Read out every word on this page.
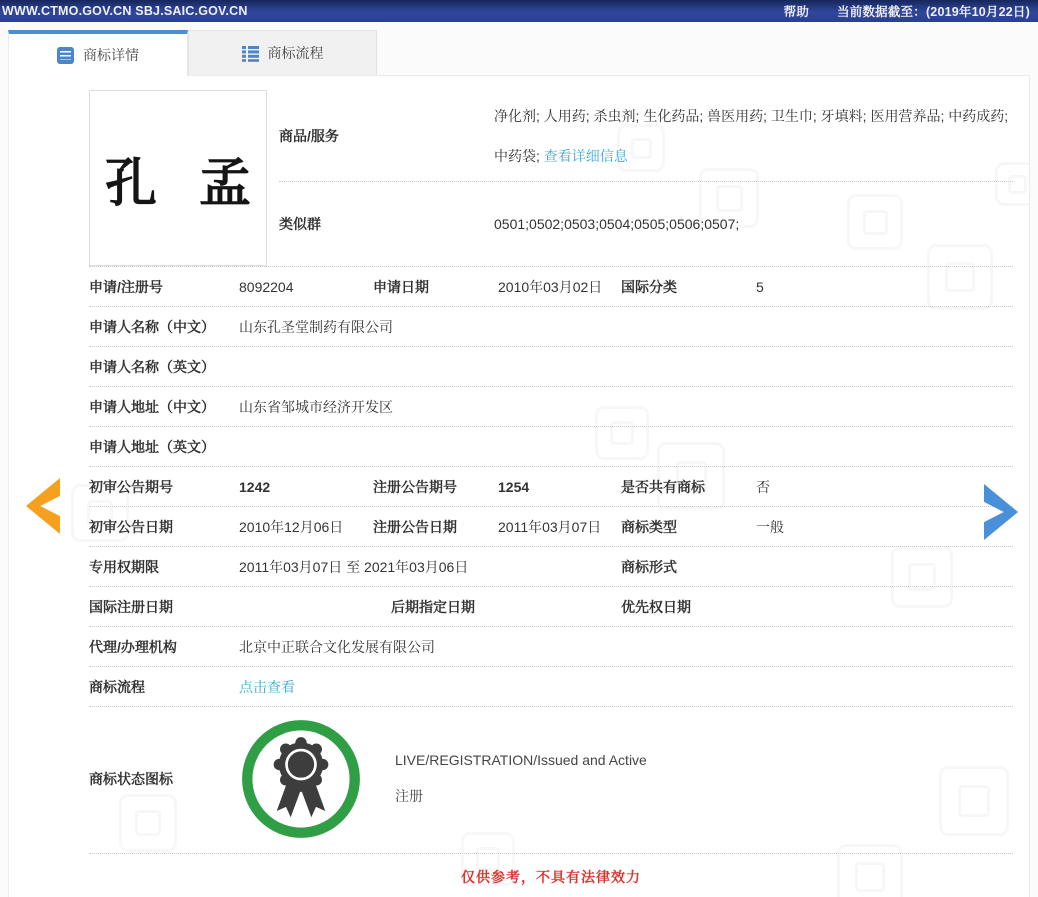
WWW.CTMO.GOV.CN SBJ.SAIC.GOV.CN	帮助 当前数据截至：(2019年10月22日)
商标详情	商标流程
孔 孟
商品/服务
净化剂; 人用药; 杀虫剂; 生化药品; 兽医用药; 卫生巾; 牙填料; 医用营养品; 中药成药; 中药袋; 查看详细信息
类似群	0501;0502;0503;0504;0505;0506;0507;
申请/注册号	8092204	申请日期	2010年03月02日	国际分类	5
申请人名称（中文）	山东孔圣堂制药有限公司
申请人名称（英文）
申请人地址（中文）	山东省邹城市经济开发区
申请人地址（英文）
初审公告期号	1242	注册公告期号	1254	是否共有商标	否
初审公告日期	2010年12月06日	注册公告日期	2011年03月07日	商标类型	一般
专用权期限	2011年03月07日 至 2021年03月06日	商标形式
国际注册日期	后期指定日期	优先权日期
代理/办理机构	北京中正联合文化发展有限公司
商标流程	点击查看
商标状态图标
LIVE/REGISTRATION/Issued and Active
注册
仅供参考，不具有法律效力
